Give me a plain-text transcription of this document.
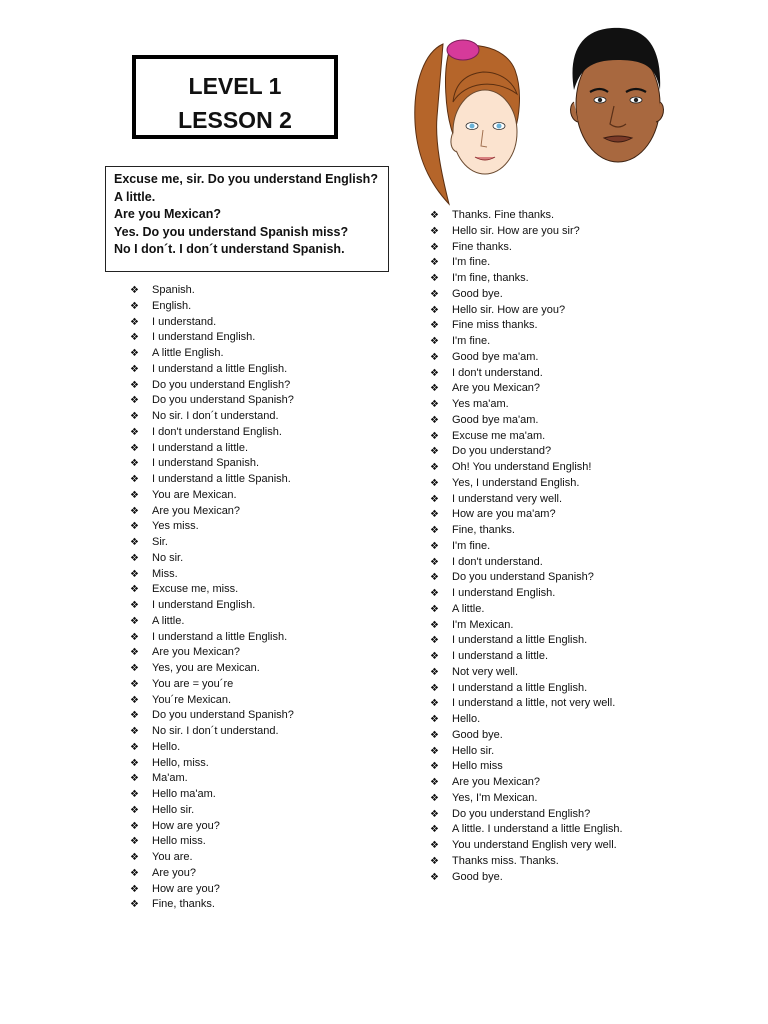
LEVEL 1
LESSON 2
Excuse me, sir. Do you understand English?
A little.
Are you Mexican?
Yes. Do you understand Spanish miss?
No I don´t. I don´t understand Spanish.
❖ Spanish.
❖ English.
❖ I understand.
❖ I understand English.
❖ A little English.
❖ I understand a little English.
❖ Do you understand English?
❖ Do you understand Spanish?
❖ No sir. I don´t understand.
❖ I don't understand English.
❖ I understand a little.
❖ I understand Spanish.
❖ I understand a little Spanish.
❖ You are Mexican.
❖ Are you Mexican?
❖ Yes miss.
❖ Sir.
❖ No sir.
❖ Miss.
❖ Excuse me, miss.
❖ I understand English.
❖ A little.
❖ I understand a little English.
❖ Are you Mexican?
❖ Yes, you are Mexican.
❖ You are = you´re
❖ You´re Mexican.
❖ Do you understand Spanish?
❖ No sir. I don´t understand.
❖ Hello.
❖ Hello, miss.
❖ Ma'am.
❖ Hello ma'am.
❖ Hello sir.
❖ How are you?
❖ Hello miss.
❖ You are.
❖ Are you?
❖ How are you?
❖ Fine, thanks.
❖ Thanks. Fine thanks.
❖ Hello sir. How are you sir?
❖ Fine thanks.
❖ I'm fine.
❖ I'm fine, thanks.
❖ Good bye.
❖ Hello sir. How are you?
❖ Fine miss thanks.
❖ I'm fine.
❖ Good bye ma'am.
❖ I don't understand.
❖ Are you Mexican?
❖ Yes ma'am.
❖ Good bye ma'am.
❖ Excuse me ma'am.
❖ Do you understand?
❖ Oh! You understand English!
❖ Yes, I understand English.
❖ I understand very well.
❖ How are you ma'am?
❖ Fine, thanks.
❖ I'm fine.
❖ I don't understand.
❖ Do you understand Spanish?
❖ I understand English.
❖ A little.
❖ I'm Mexican.
❖ I understand a little English.
❖ I understand a little.
❖ Not very well.
❖ I understand a little English.
❖ I understand a little, not very well.
❖ Hello.
❖ Good bye.
❖ Hello sir.
❖ Hello miss
❖ Are you Mexican?
❖ Yes, I'm Mexican.
❖ Do you understand English?
❖ A little. I understand a little English.
❖ You understand English very well.
❖ Thanks miss. Thanks.
❖ Good bye.
